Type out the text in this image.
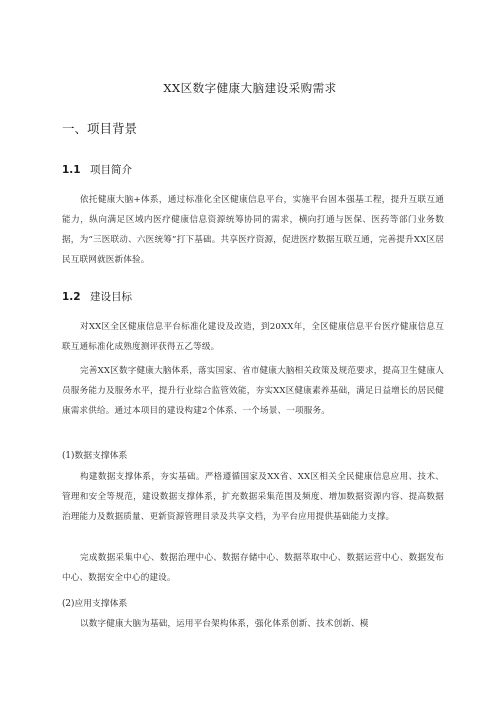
XX区数字健康大脑建设采购需求
一、项目背景
1.1 项目简介
依托健康大脑+体系，通过标准化全区健康信息平台，实施平台固本强基工程，提升互联互通能力，纵向满足区域内医疗健康信息资源统筹协同的需求，横向打通与医保、医药等部门业务数据，为“三医联动、六医统筹”打下基础。共享医疗资源，促进医疗数据互联互通，完善提升XX区居民互联网就医新体验。
1.2 建设目标
对XX区全区健康信息平台标准化建设及改造，到20XX年，全区健康信息平台医疗健康信息互联互通标准化成熟度测评获得五乙等级。
完善XX区数字健康大脑体系，落实国家、省市健康大脑相关政策及规范要求，提高卫生健康人员服务能力及服务水平，提升行业综合监管效能，夯实XX区健康素养基础，满足日益增长的居民健康需求供给。通过本项目的建设构建2个体系、一个场景、一项服务。
(1)数据支撑体系
构建数据支撑体系，夯实基础。严格遵循国家及XX省、XX区相关全民健康信息应用、技术、管理和安全等规范，建设数据支撑体系，扩充数据采集范围及频度、增加数据资源内容、提高数据治理能力及数据质量、更新资源管理目录及共享文档，为平台应用提供基础能力支撑。
完成数据采集中心、数据治理中心、数据存储中心、数据萃取中心、数据运营中心、数据发布中心、数据安全中心的建设。
(2)应用支撑体系
以数字健康大脑为基础，运用平台架构体系，强化体系创新、技术创新、模
